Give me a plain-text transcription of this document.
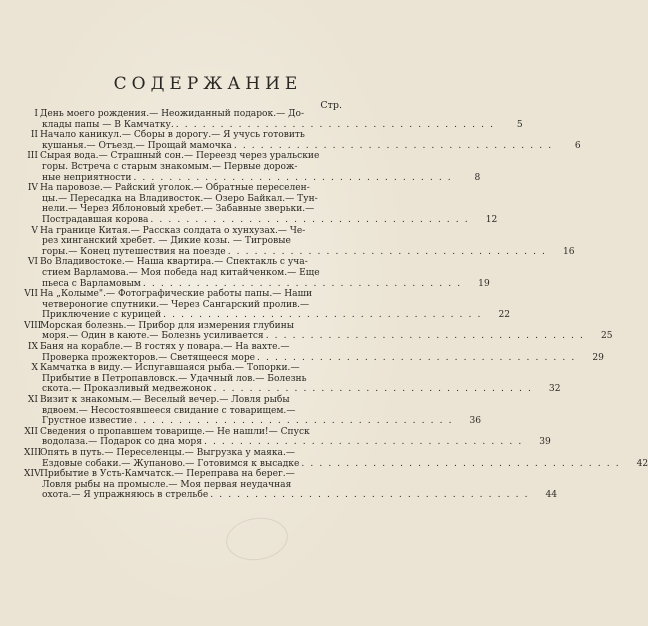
СОДЕРЖАНИЕ
Стр.
I День моего рождения.— Неожиданный подарок.— До-
клады папы — В Камчатку. . . . . . . . . . . . . . . . . . . . . . . . . . . . . . . . . . . . .	5
II Начало каникул.— Сборы в дорогу.— Я учусь готовить
кушанья.— Отъезд.— Прощай мамочка . . . . . . . . . . . . . . . . . . . . . . . . . . . . . . . . . . . .	6
III Сырая вода.— Страшный сон.— Переезд через уральские
горы. Встреча с старым знакомым.— Первые дорож-
ные неприятности . . . . . . . . . . . . . . . . . . . . . . . . . . . . . . . . . . . .	8
IV На паровозе.— Райский уголок.— Обратные переселен-
цы.— Пересадка на Владивосток.— Озеро Байкал.— Тун-
нели.— Через Яблоновый хребет.— Забавные зверьки.—
Пострадавшая корова . . . . . . . . . . . . . . . . . . . . . . . . . . . . . . . . . . . .	12
V На границе Китая.— Рассказ солдата о хунхузах.— Че-
рез хинганский хребет. — Дикие козы. — Тигровые
горы.— Конец путешествия на поезде . . . . . . . . . . . . . . . . . . . . . . . . . . . . . . . . . . . .	16
VI Во Владивостоке.— Наша квартира.— Спектакль с уча-
стием Варламова.— Моя победа над китайченком.— Еще
пьеса с Варламовым . . . . . . . . . . . . . . . . . . . . . . . . . . . . . . . . . . . .	19
VII На „Колыме".— Фотографические работы папы.— Наши
четвероногие спутники.— Через Сангарский пролив.—
Приключение с курицей . . . . . . . . . . . . . . . . . . . . . . . . . . . . . . . . . . . .	22
VIII
Морская болезнь.— Прибор для измерения глубины
моря.— Один в каюте.— Болезнь усиливается . . . . . . . . . . . . . . . . . . . . . . . . . . . . . . . . . . . .	25
IX Баня на корабле.— В гостях у повара.— На вахте.—
Проверка прожекторов.— Светящееся море . . . . . . . . . . . . . . . . . . . . . . . . . . . . . . . . . . . .	29
X Камчатка в виду.— Испугавшаяся рыба.— Топорки.—
Прибытие в Петропавловск.— Удачный лов.— Болезнь
скота.— Проказливый медвежонок . . . . . . . . . . . . . . . . . . . . . . . . . . . . . . . . . . . .	32
XI Визит к знакомым.— Веселый вечер.— Ловля рыбы
вдвоем.— Несостоявшееся свидание с товарищем.—
Грустное известие . . . . . . . . . . . . . . . . . . . . . . . . . . . . . . . . . . . .	36
XII Сведения о пропавшем товарище.— Не нашли!— Спуск
водолаза.— Подарок со дна моря . . . . . . . . . . . . . . . . . . . . . . . . . . . . . . . . . . . .	39
XIII
Опять в путь.— Переселенцы.— Выгрузка у маяка.—
Ездовые собаки.— Жупановo.— Готовимся к высадке . . . . . . . . . . . . . . . . . . . . . . . . . . . . . . . . . . . .	42
XIV Прибытие в Усть-Камчатск.— Переправа на берег.—
Ловля рыбы на промысле.— Моя первая неудачная
охота.— Я упражняюсь в стрельбе . . . . . . . . . . . . . . . . . . . . . . . . . . . . . . . . . . . .	44
